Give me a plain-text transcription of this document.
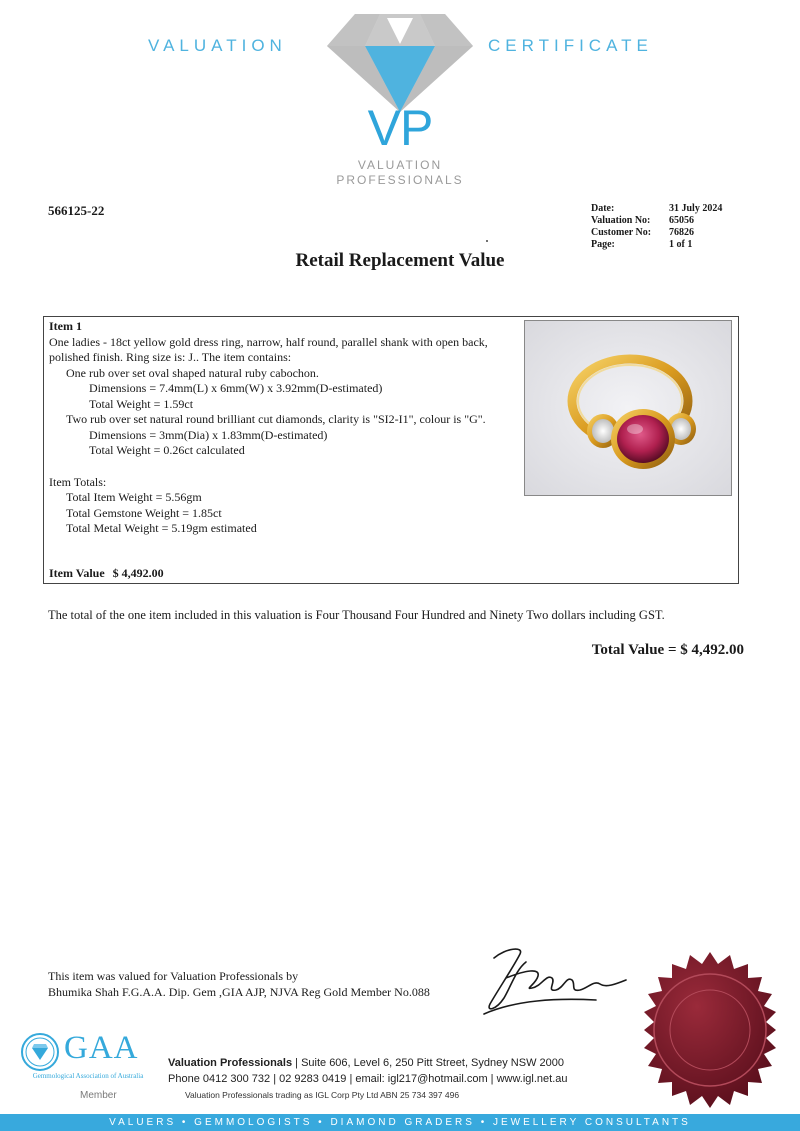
VALUATION	CERTIFICATE
VP
VALUATION
PROFESSIONALS
566125-22	Date:	31 July 2024
Valuation No:	65056
Customer No:	76826
Page:	1 of 1
Retail Replacement Value
Item 1
One ladies - 18ct yellow gold dress ring, narrow, half round, parallel shank with open back, polished finish. Ring size is: J.. The item contains:
One rub over set oval shaped natural ruby cabochon.
Dimensions = 7.4mm(L) x 6mm(W) x 3.92mm(D-estimated)
Total Weight = 1.59ct
Two rub over set natural round brilliant cut diamonds, clarity is "SI2-I1", colour is "G".
Dimensions = 3mm(Dia) x 1.83mm(D-estimated)
Total Weight = 0.26ct calculated
Item Totals:
Total Item Weight = 5.56gm
Total Gemstone Weight = 1.85ct
Total Metal Weight = 5.19gm estimated
Item Value $ 4,492.00
The total of the one item included in this valuation is Four Thousand Four Hundred and Ninety Two dollars including GST.
Total Value = $ 4,492.00
This item was valued for Valuation Professionals by
Bhumika Shah F.G.A.A. Dip. Gem ,GIA AJP, NJVA Reg Gold Member No.088
GAA
Gemmological Association of Australia
Member
Valuation Professionals | Suite 606, Level 6, 250 Pitt Street, Sydney NSW 2000
Phone 0412 300 732 | 02 9283 0419 | email: igl217@hotmail.com | www.igl.net.au
Valuation Professionals trading as IGL Corp Pty Ltd ABN 25 734 397 496
VALUERS • GEMMOLOGISTS • DIAMOND GRADERS • JEWELLERY CONSULTANTS
